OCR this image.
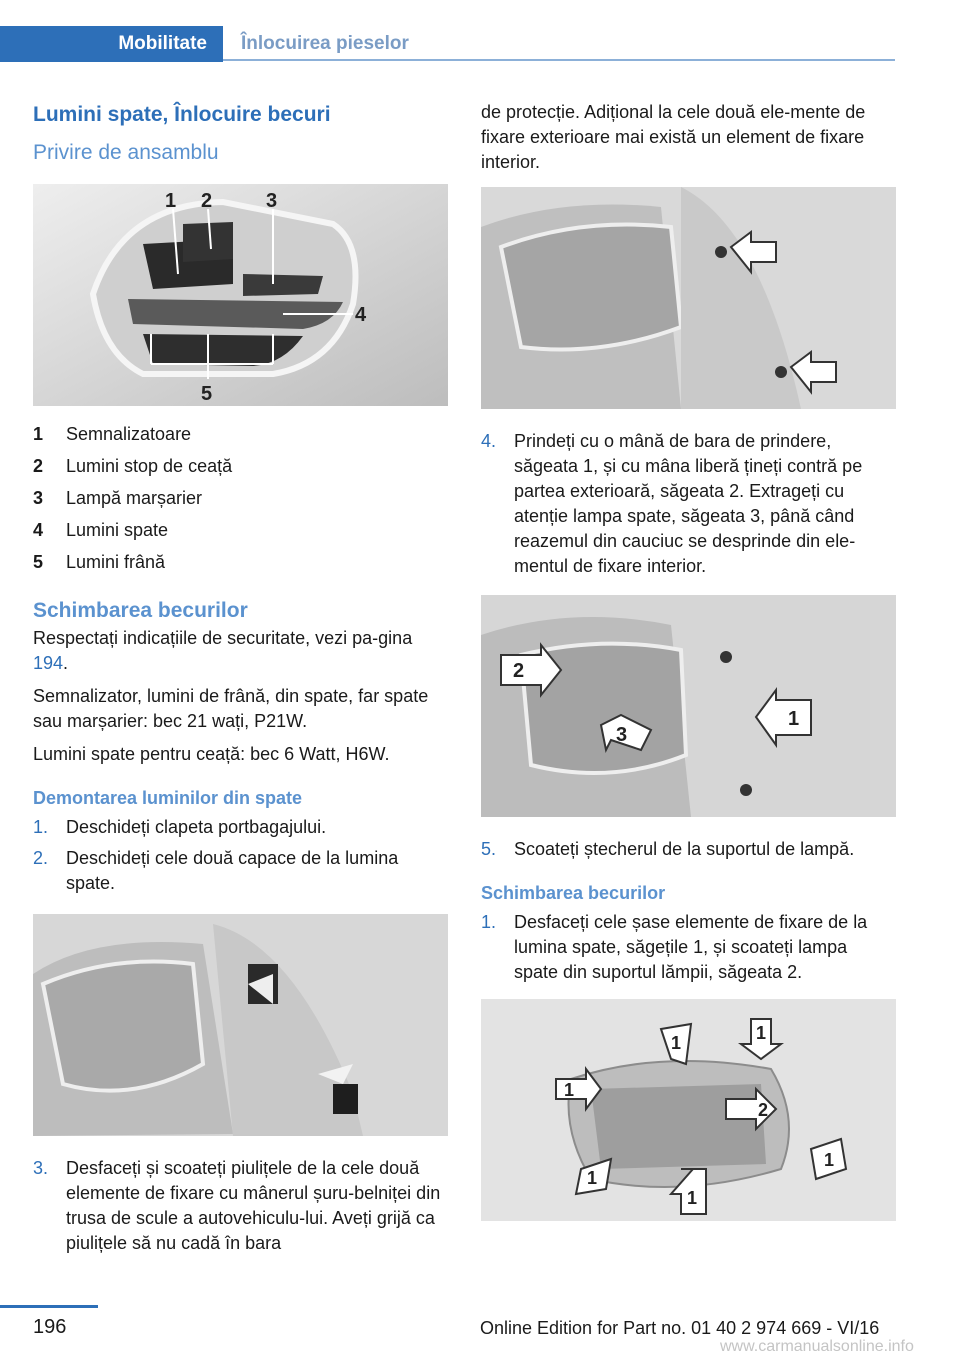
Mobilitate	Înlocuirea pieselor
Lumini spate, Înlocuire becuri
Privire de ansamblu
1 2	3
4
5
1	Semnalizatoare
2	Lumini stop de ceață
3	Lampă marșarier
4	Lumini spate
5	Lumini frână
Schimbarea becurilor
Respectați indicațiile de securitate, vezi pa‐gina 194.
Semnalizator, lumini de frână, din spate, far spate sau marșarier: bec 21 wați, P21W.
Lumini spate pentru ceață: bec 6 Watt, H6W.
Demontarea luminilor din spate
1. Deschideți clapeta portbagajului.
2. Deschideți cele două capace de la lumina spate.
3. Desfaceți și scoateți piulițele de la cele două elemente de fixare cu mânerul șuru‐belniței din trusa de scule a autovehiculu‐lui. Aveți grijă ca piulițele să nu cadă în bara
de protecție. Adițional la cele două ele‐mente de fixare exterioare mai există un element de fixare interior.
4. Prindeți cu o mână de bara de prindere, săgeata 1, și cu mâna liberă țineți contră pe partea exterioară, săgeata 2. Extrageți cu atenție lampa spate, săgeata 3, până când reazemul din cauciuc se desprinde din ele‐mentul de fixare interior.
2
1
3
5. Scoateți ștecherul de la suportul de lampă.
Schimbarea becurilor
1. Desfaceți cele șase elemente de fixare de la lumina spate, săgețile 1, și scoateți lampa spate din suportul lămpii, săgeata 2.
1	1
1
2
1
1
1
196	Online Edition for Part no. 01 40 2 974 669 - VI/16
www.carmanualsonline.info
